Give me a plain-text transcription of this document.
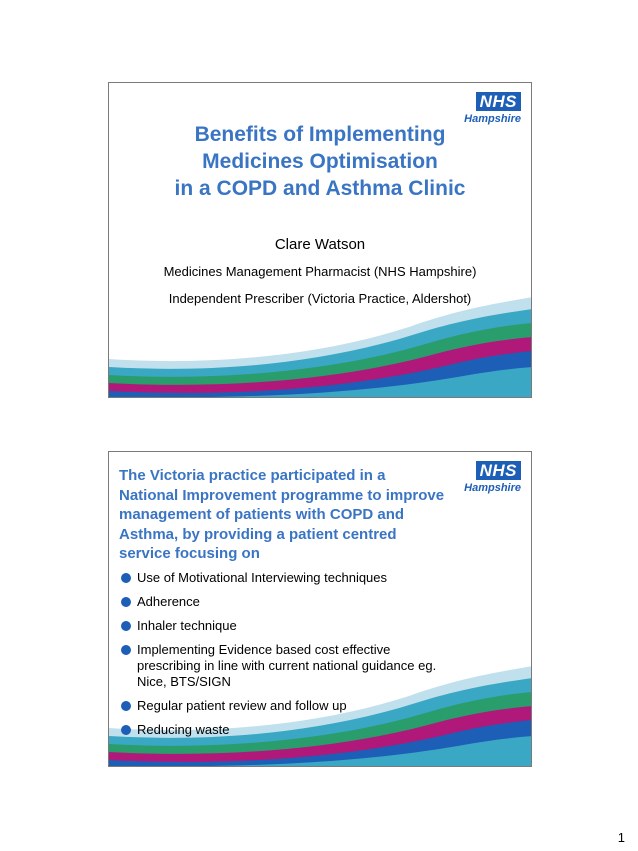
NHS
Hampshire
Benefits of Implementing
Medicines Optimisation
in a COPD and Asthma Clinic
Clare Watson
Medicines Management Pharmacist (NHS Hampshire)
Independent Prescriber (Victoria Practice, Aldershot)
NHS
Hampshire
The Victoria practice participated in a
National Improvement programme to improve
management of patients with COPD and
Asthma, by providing a patient centred
service focusing on
Use of Motivational Interviewing techniques
Adherence
Inhaler technique
Implementing Evidence based cost effective
prescribing in line with current national guidance eg.
Nice, BTS/SIGN
Regular patient review and follow up
Reducing waste
1
